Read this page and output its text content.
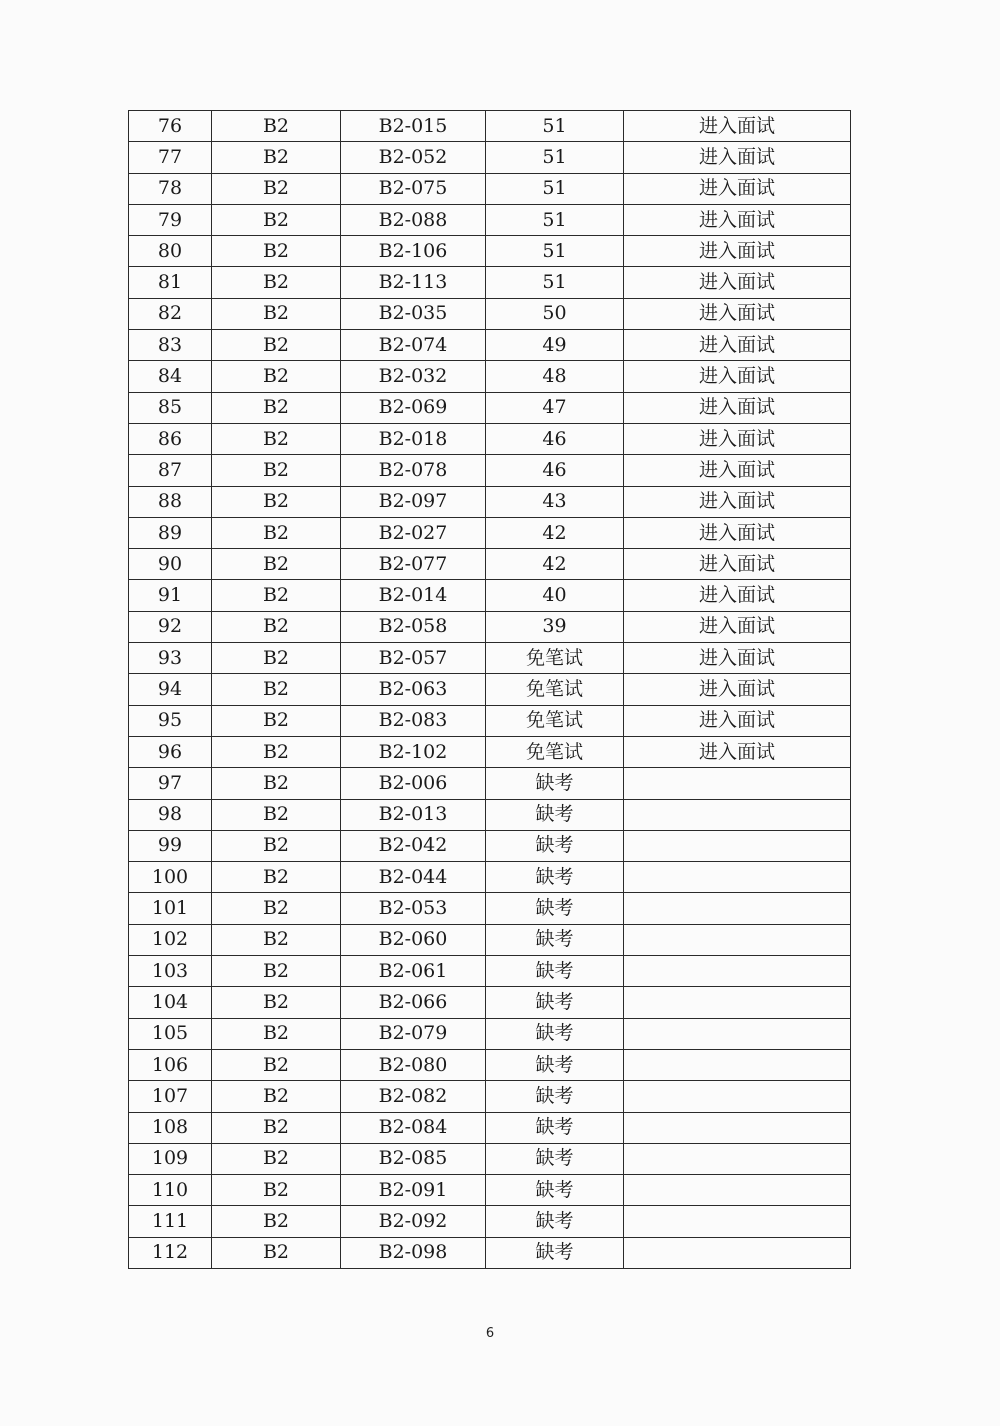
76	B2	B2-015	51	进入面试
77	B2	B2-052	51	进入面试
78	B2	B2-075	51	进入面试
79	B2	B2-088	51	进入面试
80	B2	B2-106	51	进入面试
81	B2	B2-113	51	进入面试
82	B2	B2-035	50	进入面试
83	B2	B2-074	49	进入面试
84	B2	B2-032	48	进入面试
85	B2	B2-069	47	进入面试
86	B2	B2-018	46	进入面试
87	B2	B2-078	46	进入面试
88	B2	B2-097	43	进入面试
89	B2	B2-027	42	进入面试
90	B2	B2-077	42	进入面试
91	B2	B2-014	40	进入面试
92	B2	B2-058	39	进入面试
93	B2	B2-057	免笔试	进入面试
94	B2	B2-063	免笔试	进入面试
95	B2	B2-083	免笔试	进入面试
96	B2	B2-102	免笔试	进入面试
97	B2	B2-006	缺考	
98	B2	B2-013	缺考	
99	B2	B2-042	缺考	
100	B2	B2-044	缺考	
101	B2	B2-053	缺考	
102	B2	B2-060	缺考	
103	B2	B2-061	缺考	
104	B2	B2-066	缺考	
105	B2	B2-079	缺考	
106	B2	B2-080	缺考	
107	B2	B2-082	缺考	
108	B2	B2-084	缺考	
109	B2	B2-085	缺考	
110	B2	B2-091	缺考	
111	B2	B2-092	缺考	
112	B2	B2-098	缺考	
6
